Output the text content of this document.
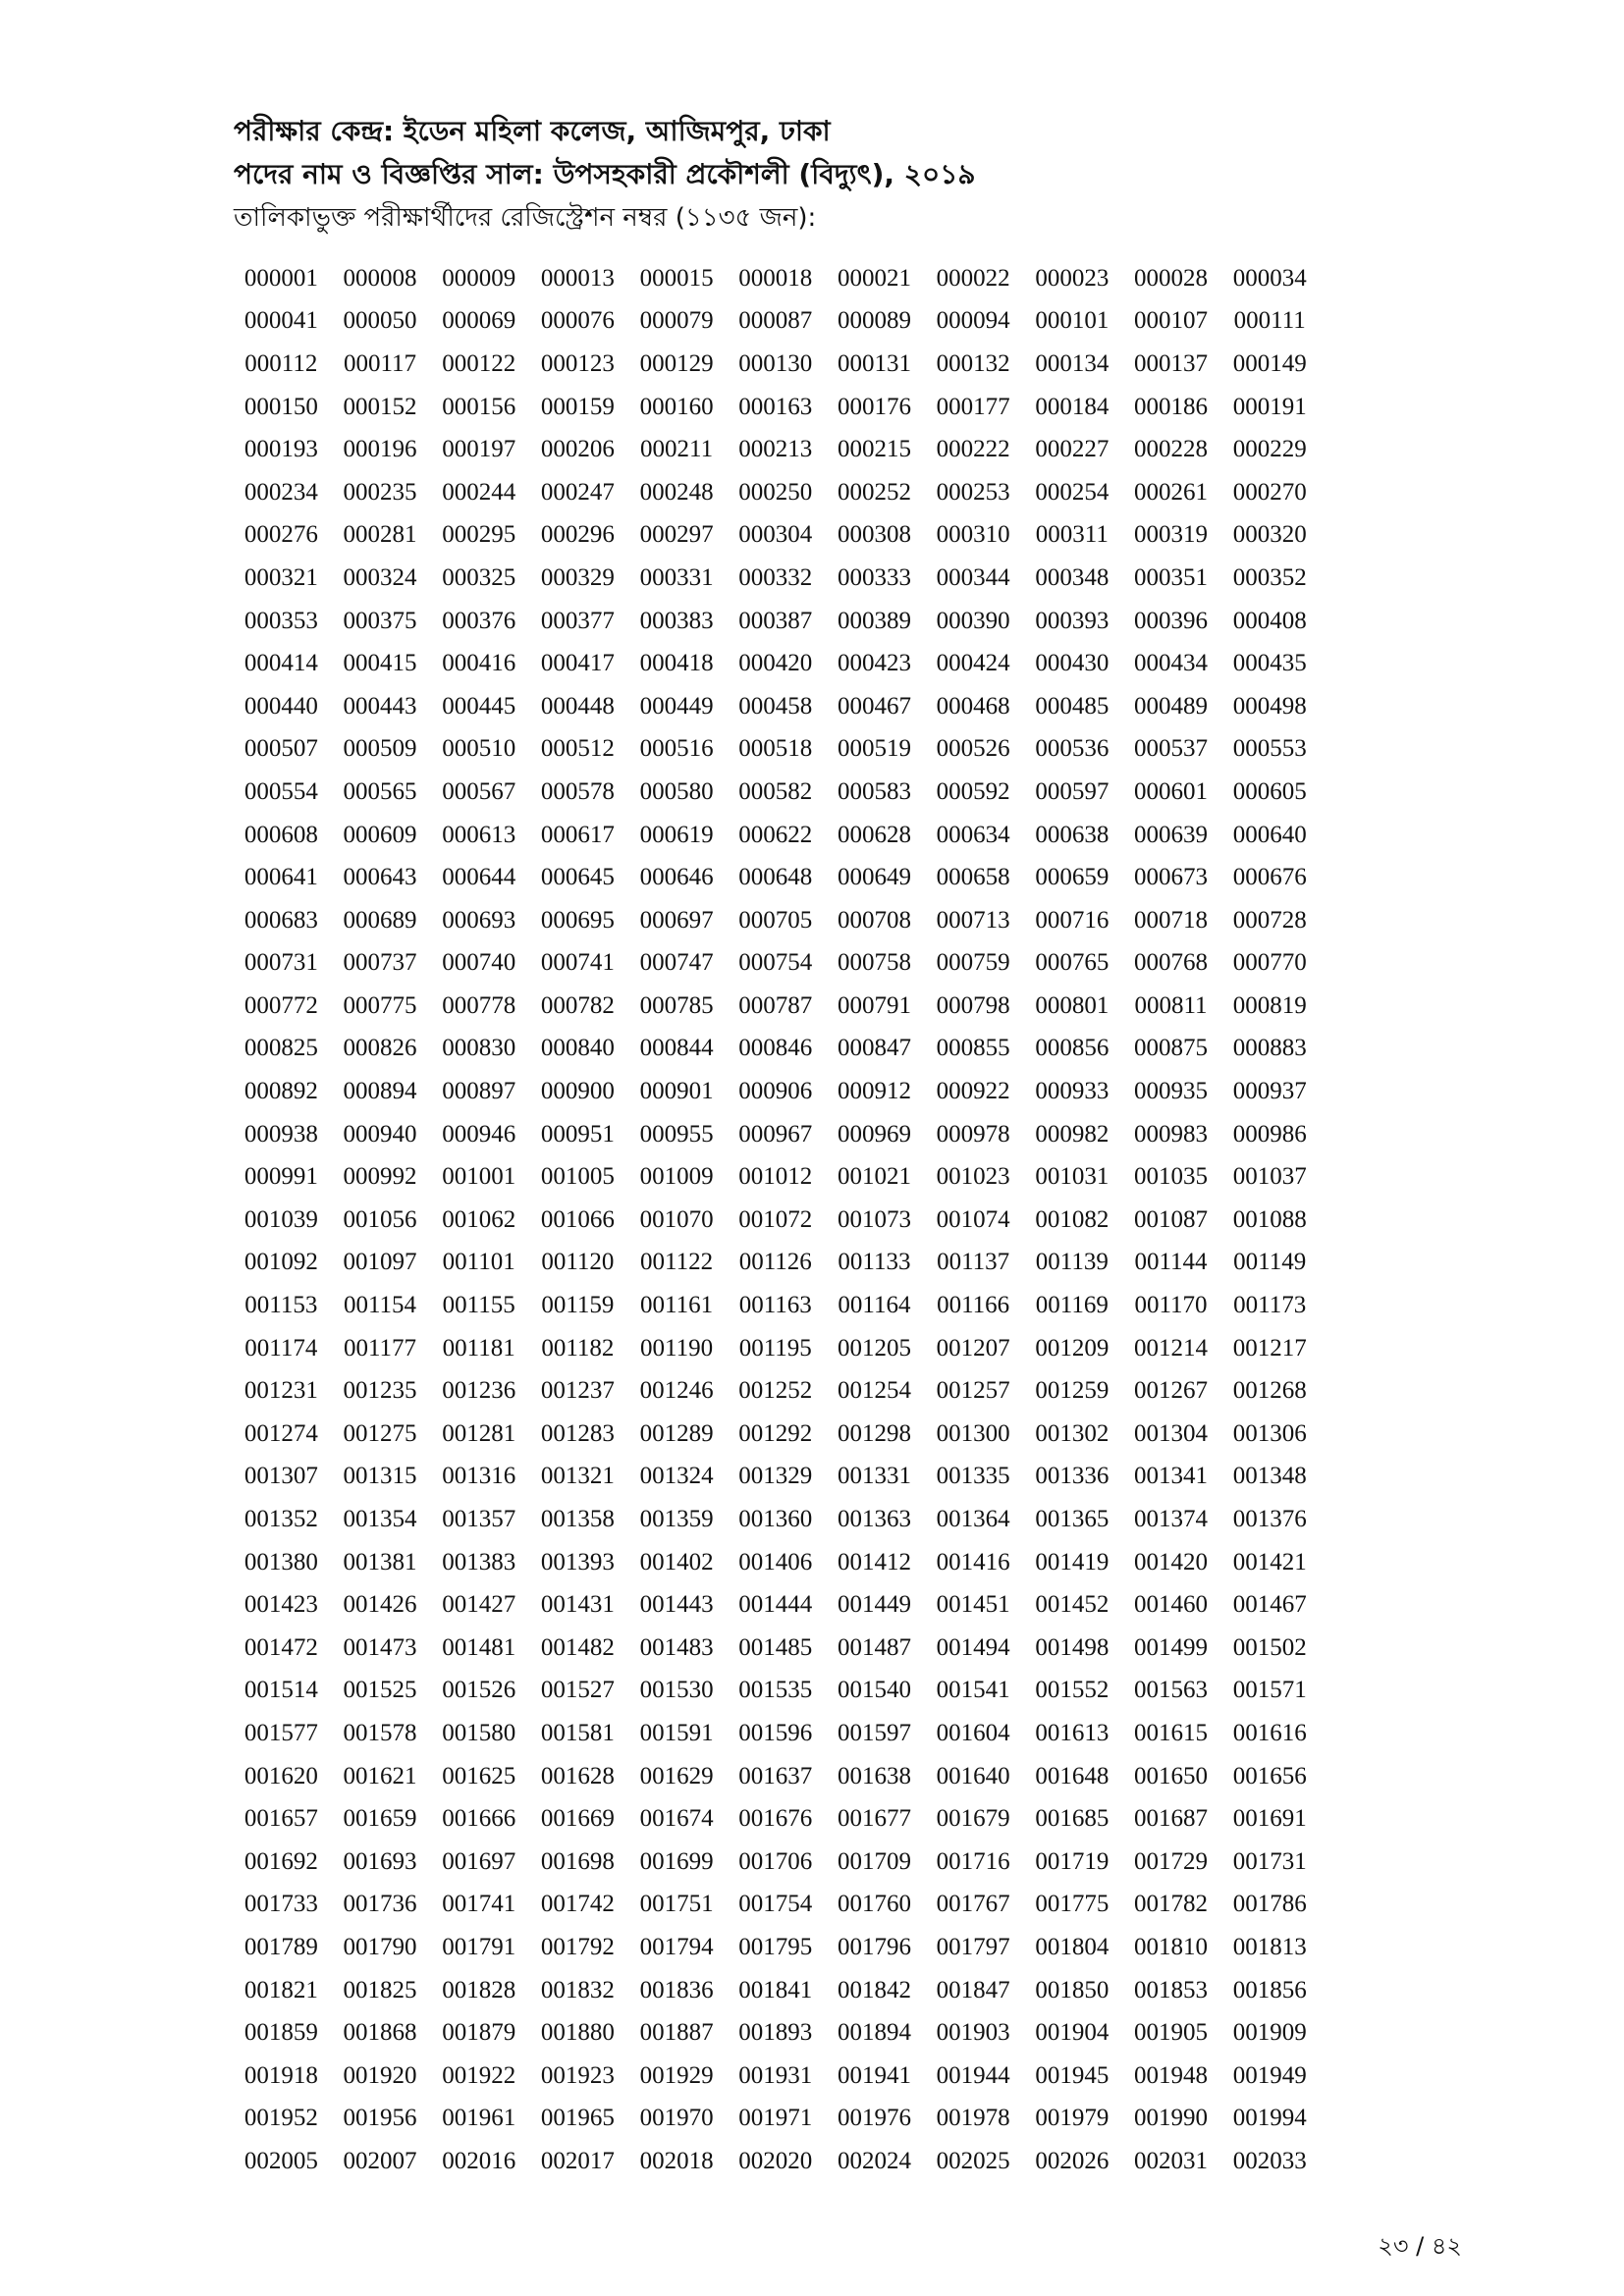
পরীক্ষার কেন্দ্র: ইডেন মহিলা কলেজ, আজিমপুর, ঢাকা
পদের নাম ও বিজ্ঞপ্তির সাল: উপসহকারী প্রকৌশলী (বিদ্যুৎ), ২০১৯
তালিকাভুক্ত পরীক্ষার্থীদের রেজিস্ট্রেশন নম্বর (১১৩৫ জন):
000001	000008	000009	000013	000015	000018	000021	000022	000023	000028	000034
000041	000050	000069	000076	000079	000087	000089	000094	000101	000107	000111
000112	000117	000122	000123	000129	000130	000131	000132	000134	000137	000149
000150	000152	000156	000159	000160	000163	000176	000177	000184	000186	000191
000193	000196	000197	000206	000211	000213	000215	000222	000227	000228	000229
000234	000235	000244	000247	000248	000250	000252	000253	000254	000261	000270
000276	000281	000295	000296	000297	000304	000308	000310	000311	000319	000320
000321	000324	000325	000329	000331	000332	000333	000344	000348	000351	000352
000353	000375	000376	000377	000383	000387	000389	000390	000393	000396	000408
000414	000415	000416	000417	000418	000420	000423	000424	000430	000434	000435
000440	000443	000445	000448	000449	000458	000467	000468	000485	000489	000498
000507	000509	000510	000512	000516	000518	000519	000526	000536	000537	000553
000554	000565	000567	000578	000580	000582	000583	000592	000597	000601	000605
000608	000609	000613	000617	000619	000622	000628	000634	000638	000639	000640
000641	000643	000644	000645	000646	000648	000649	000658	000659	000673	000676
000683	000689	000693	000695	000697	000705	000708	000713	000716	000718	000728
000731	000737	000740	000741	000747	000754	000758	000759	000765	000768	000770
000772	000775	000778	000782	000785	000787	000791	000798	000801	000811	000819
000825	000826	000830	000840	000844	000846	000847	000855	000856	000875	000883
000892	000894	000897	000900	000901	000906	000912	000922	000933	000935	000937
000938	000940	000946	000951	000955	000967	000969	000978	000982	000983	000986
000991	000992	001001	001005	001009	001012	001021	001023	001031	001035	001037
001039	001056	001062	001066	001070	001072	001073	001074	001082	001087	001088
001092	001097	001101	001120	001122	001126	001133	001137	001139	001144	001149
001153	001154	001155	001159	001161	001163	001164	001166	001169	001170	001173
001174	001177	001181	001182	001190	001195	001205	001207	001209	001214	001217
001231	001235	001236	001237	001246	001252	001254	001257	001259	001267	001268
001274	001275	001281	001283	001289	001292	001298	001300	001302	001304	001306
001307	001315	001316	001321	001324	001329	001331	001335	001336	001341	001348
001352	001354	001357	001358	001359	001360	001363	001364	001365	001374	001376
001380	001381	001383	001393	001402	001406	001412	001416	001419	001420	001421
001423	001426	001427	001431	001443	001444	001449	001451	001452	001460	001467
001472	001473	001481	001482	001483	001485	001487	001494	001498	001499	001502
001514	001525	001526	001527	001530	001535	001540	001541	001552	001563	001571
001577	001578	001580	001581	001591	001596	001597	001604	001613	001615	001616
001620	001621	001625	001628	001629	001637	001638	001640	001648	001650	001656
001657	001659	001666	001669	001674	001676	001677	001679	001685	001687	001691
001692	001693	001697	001698	001699	001706	001709	001716	001719	001729	001731
001733	001736	001741	001742	001751	001754	001760	001767	001775	001782	001786
001789	001790	001791	001792	001794	001795	001796	001797	001804	001810	001813
001821	001825	001828	001832	001836	001841	001842	001847	001850	001853	001856
001859	001868	001879	001880	001887	001893	001894	001903	001904	001905	001909
001918	001920	001922	001923	001929	001931	001941	001944	001945	001948	001949
001952	001956	001961	001965	001970	001971	001976	001978	001979	001990	001994
002005	002007	002016	002017	002018	002020	002024	002025	002026	002031	002033
২৩ / ৪২
